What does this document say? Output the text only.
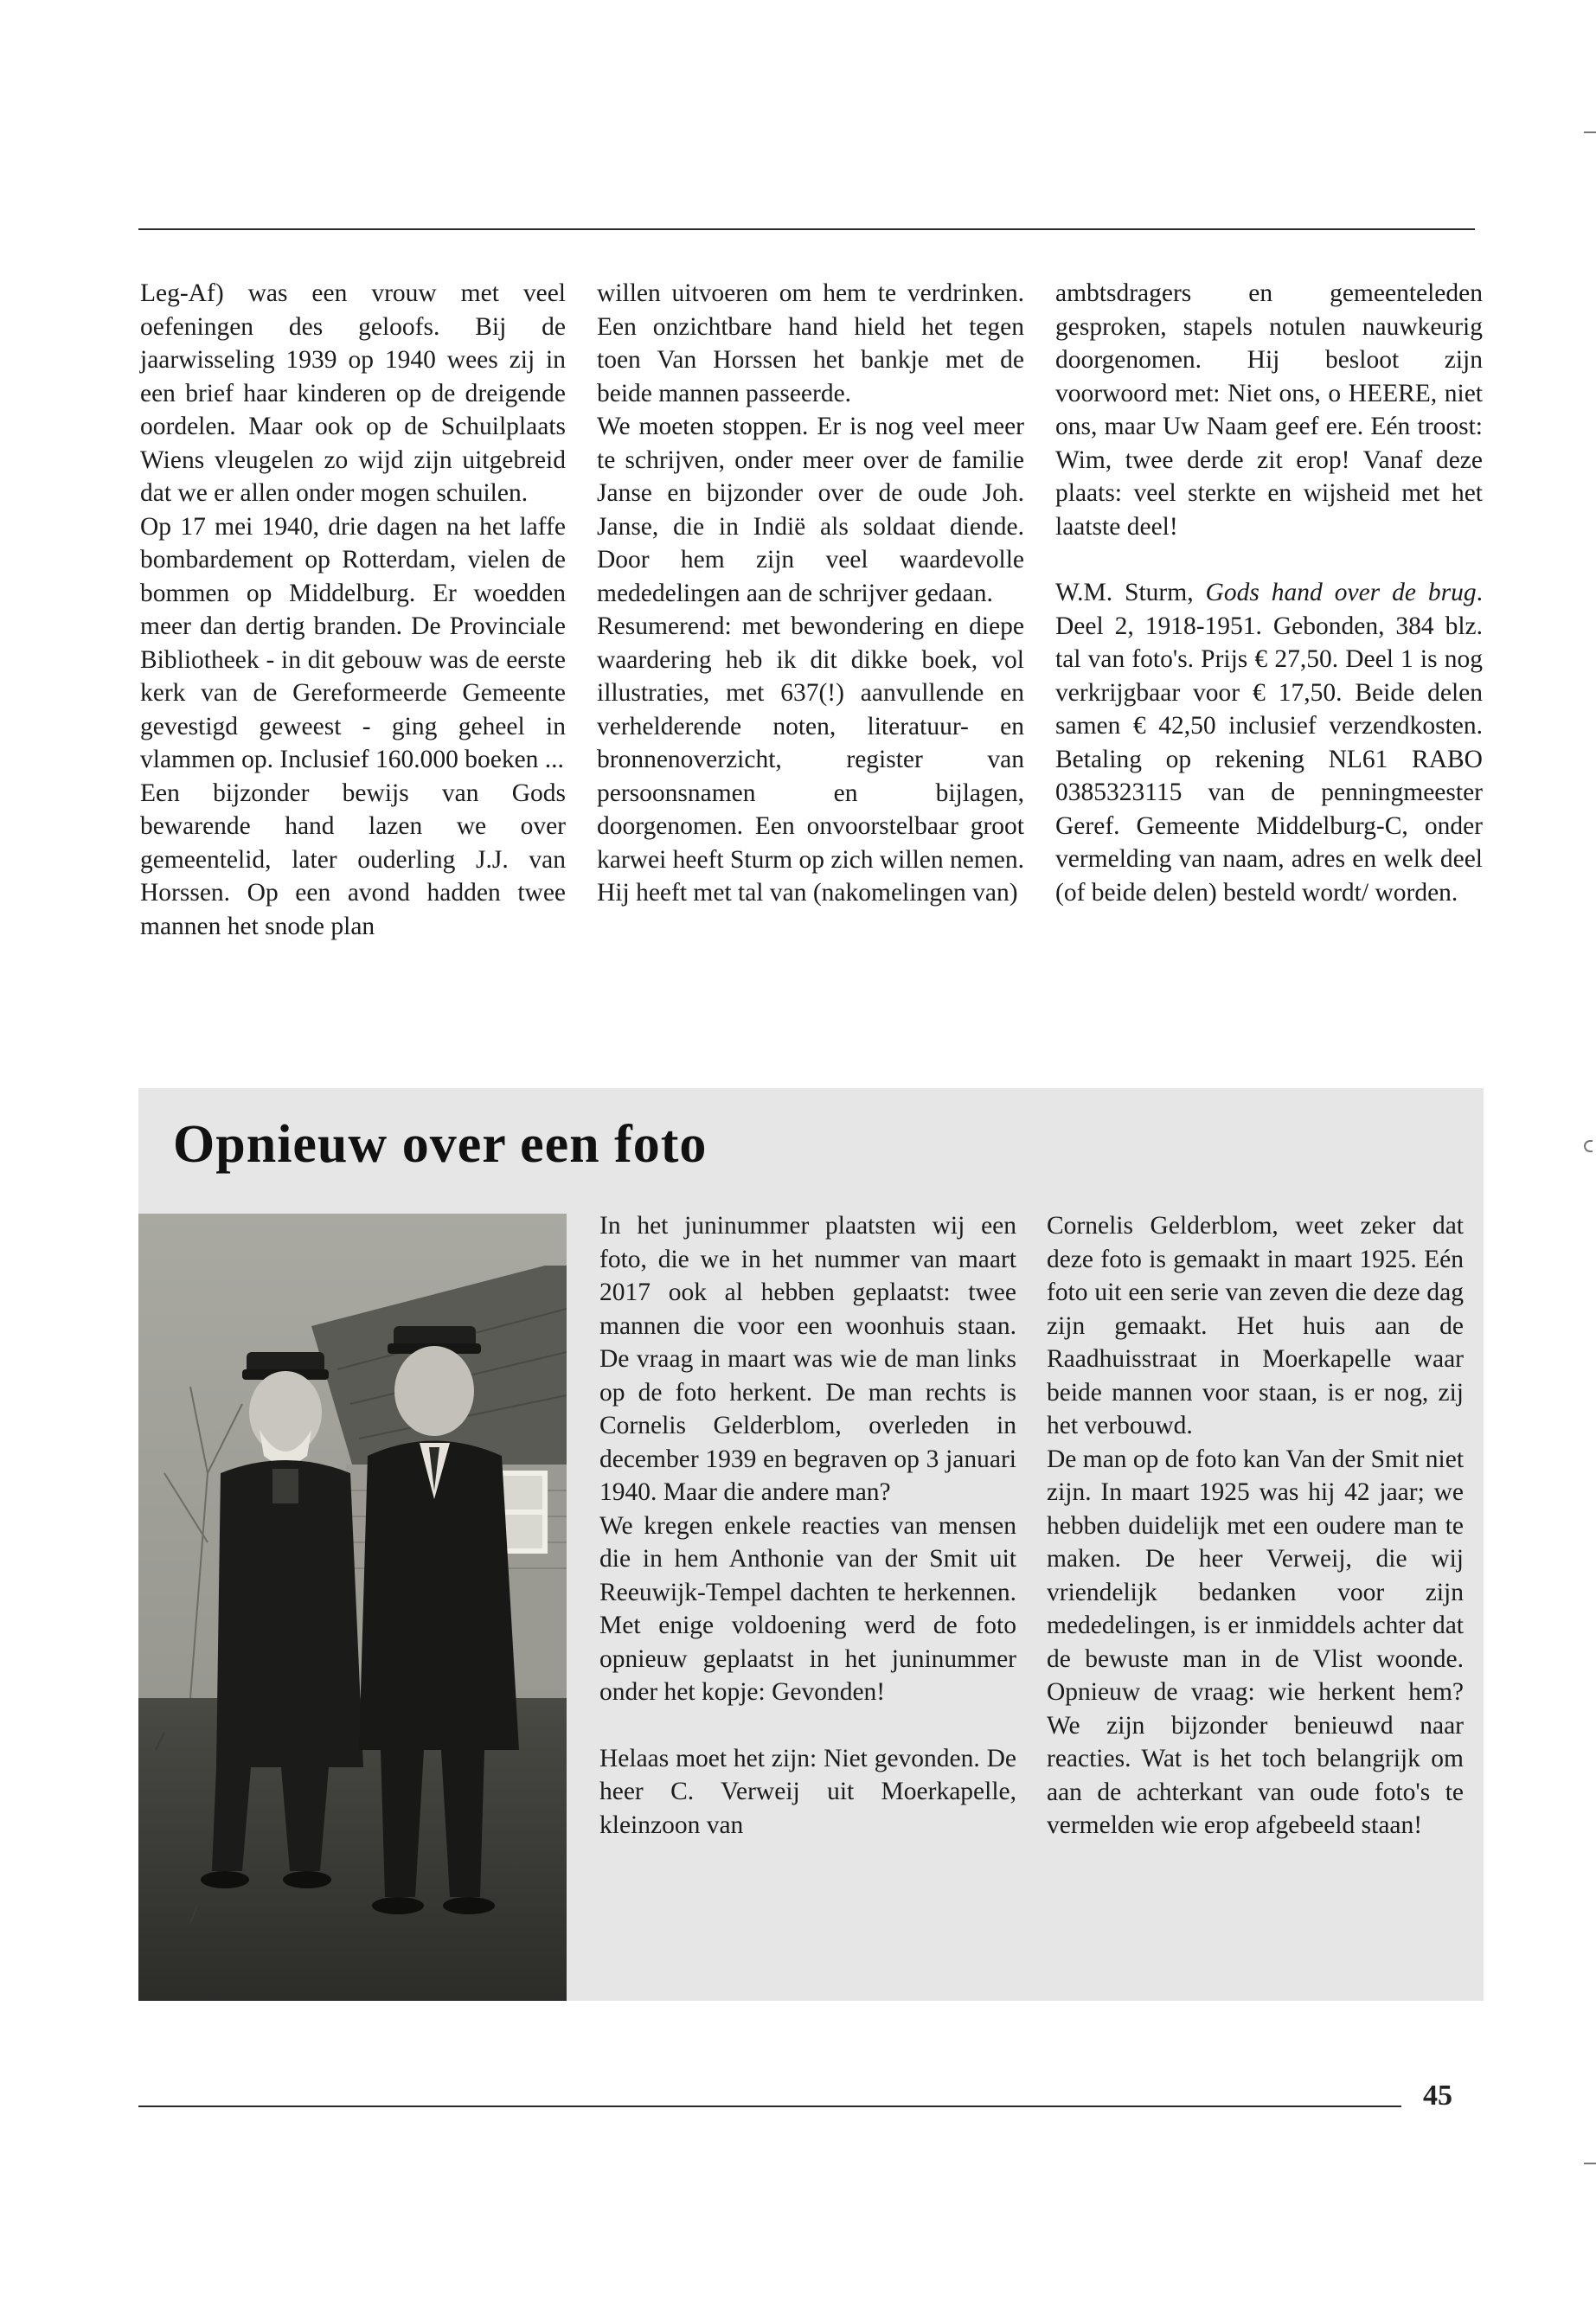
Leg-Af) was een vrouw met veel oefeningen des geloofs. Bij de jaarwisseling 1939 op 1940 wees zij in een brief haar kinderen op de dreigende oordelen. Maar ook op de Schuilplaats Wiens vleugelen zo wijd zijn uitgebreid dat we er allen onder mogen schuilen.

Op 17 mei 1940, drie dagen na het laffe bombardement op Rotterdam, vielen de bommen op Middelburg. Er woedden meer dan dertig branden. De Provinciale Bibliotheek - in dit gebouw was de eerste kerk van de Gereformeerde Gemeente gevestigd geweest - ging geheel in vlammen op. Inclusief 160.000 boeken ...

Een bijzonder bewijs van Gods bewarende hand lazen we over gemeentelid, later ouderling J.J. van Horssen. Op een avond hadden twee mannen het snode plan

willen uitvoeren om hem te verdrinken. Een onzichtbare hand hield het tegen toen Van Horssen het bankje met de beide mannen passeerde.

We moeten stoppen. Er is nog veel meer te schrijven, onder meer over de familie Janse en bijzonder over de oude Joh. Janse, die in Indië als soldaat diende. Door hem zijn veel waardevolle mededelingen aan de schrijver gedaan.

Resumerend: met bewondering en diepe waardering heb ik dit dikke boek, vol illustraties, met 637(!) aanvullende en verhelderende noten, literatuur- en bronnenoverzicht, register van persoonsnamen en bijlagen, doorgenomen. Een onvoorstelbaar groot karwei heeft Sturm op zich willen nemen. Hij heeft met tal van (nakomelingen van)

ambtsdragers en gemeenteleden gesproken, stapels notulen nauwkeurig doorgenomen. Hij besloot zijn voorwoord met: Niet ons, o HEERE, niet ons, maar Uw Naam geef ere. Eén troost: Wim, twee derde zit erop! Vanaf deze plaats: veel sterkte en wijsheid met het laatste deel!

W.M. Sturm, Gods hand over de brug. Deel 2, 1918-1951. Gebonden, 384 blz. tal van foto's. Prijs € 27,50. Deel 1 is nog verkrijgbaar voor € 17,50. Beide delen samen € 42,50 inclusief verzendkosten. Betaling op rekening NL61 RABO 0385323115 van de penningmeester Geref. Gemeente Middelburg-C, onder vermelding van naam, adres en welk deel (of beide delen) besteld wordt/ worden.

Opnieuw over een foto

In het juninummer plaatsten wij een foto, die we in het nummer van maart 2017 ook al hebben geplaatst: twee mannen die voor een woonhuis staan. De vraag in maart was wie de man links op de foto herkent. De man rechts is Cornelis Gelderblom, overleden in december 1939 en begraven op 3 januari 1940. Maar die andere man?

We kregen enkele reacties van mensen die in hem Anthonie van der Smit uit Reeuwijk-Tempel dachten te herkennen. Met enige voldoening werd de foto opnieuw geplaatst in het juninummer onder het kopje: Gevonden!

Helaas moet het zijn: Niet gevonden. De heer C. Verweij uit Moerkapelle, kleinzoon van

Cornelis Gelderblom, weet zeker dat deze foto is gemaakt in maart 1925. Eén foto uit een serie van zeven die deze dag zijn gemaakt. Het huis aan de Raadhuisstraat in Moerkapelle waar beide mannen voor staan, is er nog, zij het verbouwd.

De man op de foto kan Van der Smit niet zijn. In maart 1925 was hij 42 jaar; we hebben duidelijk met een oudere man te maken. De heer Verweij, die wij vriendelijk bedanken voor zijn mededelingen, is er inmiddels achter dat de bewuste man in de Vlist woonde. Opnieuw de vraag: wie herkent hem? We zijn bijzonder benieuwd naar reacties. Wat is het toch belangrijk om aan de achterkant van oude foto's te vermelden wie erop afgebeeld staan!

45
